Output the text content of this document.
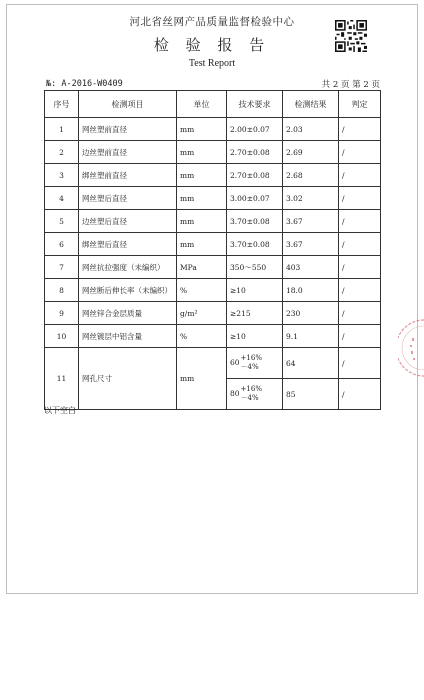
河北省丝网产品质量监督检验中心
检 验 报 告
Test Report
№: A-2016-W0409	共 2 页 第 2 页
序号	检测项目	单位	技术要求	检测结果	判定
1	网丝塑前直径	mm	2.00±0.07	2.03	/
2	边丝塑前直径	mm	2.70±0.08	2.69	/
3	绑丝塑前直径	mm	2.70±0.08	2.68	/
4	网丝塑后直径	mm	3.00±0.07	3.02	/
5	边丝塑后直径	mm	3.70±0.08	3.67	/
6	绑丝塑后直径	mm	3.70±0.08	3.67	/
7	网丝抗拉强度（未编织）	MPa	350～550	403	/
8	网丝断后伸长率（未编织）	%	≥10	18.0	/
9	网丝锌合金层质量	g/m²	≥215	230	/
10	网丝镀层中铝含量	%	≥10	9.1	/
11	网孔尺寸	mm	60 +16%
－4%	64	/
			80 +16%
－4%	85	/
以下空白
